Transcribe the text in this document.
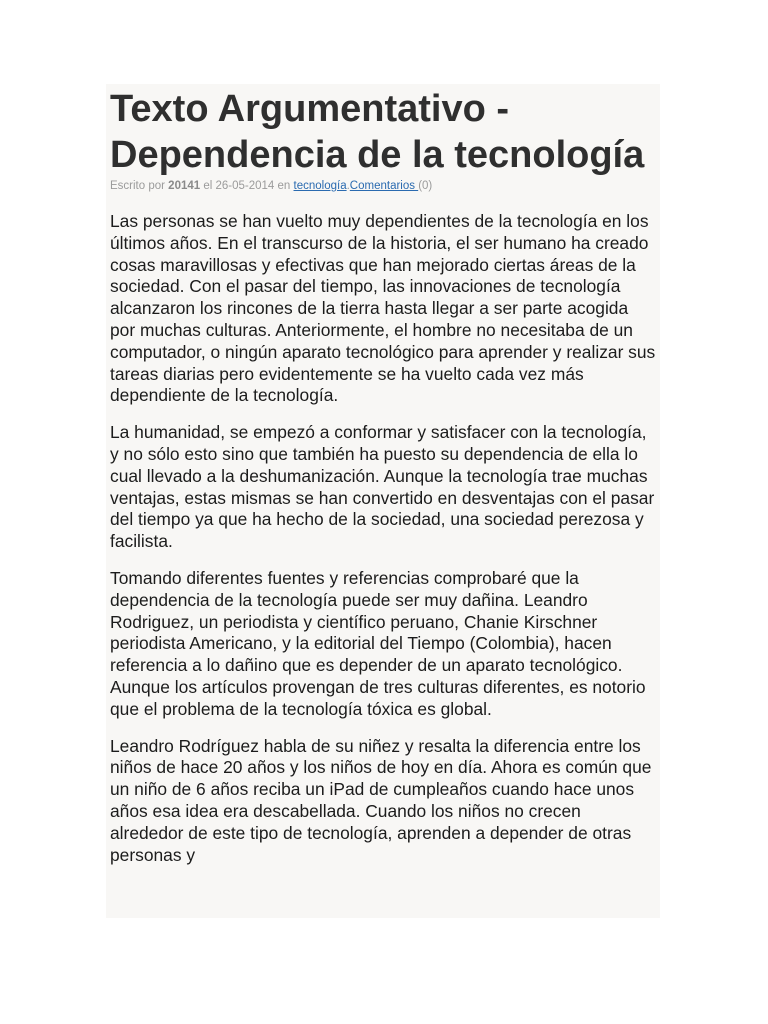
Texto Argumentativo - Dependencia de la tecnología
Escrito por 20141 el 26-05-2014 en tecnología.Comentarios (0)

Las personas se han vuelto muy dependientes de la tecnología en los últimos años. En el transcurso de la historia, el ser humano ha creado cosas maravillosas y efectivas que han mejorado ciertas áreas de la sociedad. Con el pasar del tiempo, las innovaciones de tecnología alcanzaron los rincones de la tierra hasta llegar a ser parte acogida por muchas culturas. Anteriormente, el hombre no necesitaba de un computador, o ningún aparato tecnológico para aprender y realizar sus tareas diarias pero evidentemente se ha vuelto cada vez más dependiente de la tecnología.

La humanidad, se empezó a conformar y satisfacer con la tecnología, y no sólo esto sino que también ha puesto su dependencia de ella lo cual llevado a la deshumanización. Aunque la tecnología trae muchas ventajas, estas mismas se han convertido en desventajas con el pasar del tiempo ya que ha hecho de la sociedad, una sociedad perezosa y facilista.

Tomando diferentes fuentes y referencias comprobaré que la dependencia de la tecnología puede ser muy dañina. Leandro Rodriguez, un periodista y científico peruano, Chanie Kirschner periodista Americano, y la editorial del Tiempo (Colombia), hacen referencia a lo dañino que es depender de un aparato tecnológico. Aunque los artículos provengan de tres culturas diferentes, es notorio que el problema de la tecnología tóxica es global.

Leandro Rodríguez habla de su niñez y resalta la diferencia entre los niños de hace 20 años y los niños de hoy en día. Ahora es común que un niño de 6 años reciba un iPad de cumpleaños cuando hace unos años esa idea era descabellada. Cuando los niños no crecen alrededor de este tipo de tecnología, aprenden a depender de otras personas y
